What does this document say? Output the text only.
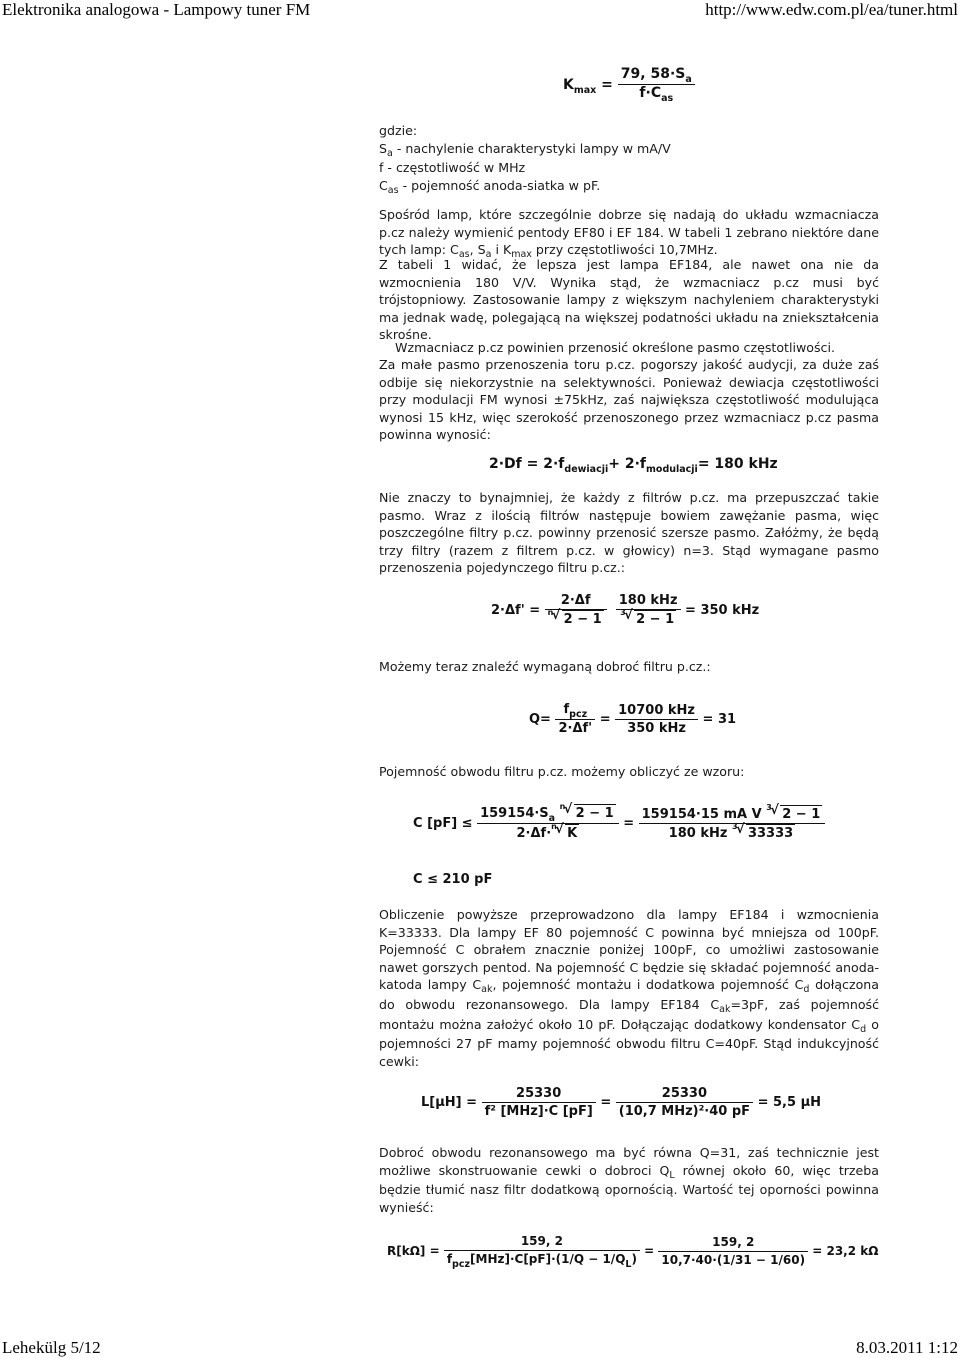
Elektronika analogowa - Lampowy tuner FM	http://www.edw.com.pl/ea/tuner.html
$K_{max} = \frac{79, 58\cdot S_a}{f\cdot C_{as}}$

gdzie:

$S_a$ - nachylenie charakterystyki lampy w mA/V

f - częstotliwość w MHz

$C_{as}$ - pojemność anoda-siatka w pF.

Spośród lamp, które szczególnie dobrze się nadają do układu wzmacniacza p.cz należy wymienić pentody EF80 i EF 184. W tabeli 1 zebrano niektóre dane tych lamp: $C_{as}$, $S_a$ i $K_{max}$ przy częstotliwości 10,7MHz.

Z tabeli 1 widać, że lepsza jest lampa EF184, ale nawet ona nie da wzmocnienia 180 V/V. Wynika stąd, że wzmacniacz p.cz musi być trójstopniowy. Zastosowanie lampy z większym nachyleniem charakterystyki ma jednak wadę, polegającą na większej podatności układu na zniekształcenia skrośne.

Wzmacniacz p.cz powinien przenosić określone pasmo częstotliwości.

Za małe pasmo przenoszenia toru p.cz. pogorszy jakość audycji, za duże zaś odbije się niekorzystnie na selektywności. Ponieważ dewiacja częstotliwości przy modulacji FM wynosi ±75kHz, zaś największa częstotliwość modulująca wynosi 15 kHz, więc szerokość przenoszonego przez wzmacniacz p.cz pasma powinna wynosić:

$2\cdot Df = 2\cdot f_{dewiacji}+ 2\cdot f_{modulacji}= 180$ kHz

Nie znaczy to bynajmniej, że każdy z filtrów p.cz. ma przepuszczać takie pasmo. Wraz z ilością filtrów następuje bowiem zawężanie pasma, więc poszczególne filtry p.cz. powinny przenosić szersze pasmo. Załóżmy, że będą trzy filtry (razem z filtrem p.cz. w głowicy) n=3. Stąd wymagane pasmo przenoszenia pojedynczego filtru p.cz.:

2·Δf' = 2·Δf
√ n 2 − 1
180 kHz
√ 3 2 − 1 = 350 kHz

Możemy teraz znaleźć wymaganą dobroć filtru p.cz.:

$Q= \frac{f_{pcz}}{2\cdot\Delta f'} = \frac{\text{10700 kHz}}{\text{350 kHz}} = 31$

Pojemność obwodu filtru p.cz. możemy obliczyć ze wzoru:

C $[pF] \le 159154\cdot S_a$
√ n 2 − 1
2·Δf·
√ n K = 159154·15 mA V
√ 3 2 − 1
180 kHz
√ 3 33333
C ≤ 210 pF

Obliczenie powyższe przeprowadzono dla lampy EF184 i wzmocnienia K=33333. Dla lampy EF 80 pojemność C powinna być mniejsza od 100pF. Pojemność C obrałem znacznie poniżej 100pF, co umożliwi zastosowanie nawet gorszych pentod. Na pojemność C będzie się składać pojemność anoda-katoda lampy $C_{ak}$, pojemność montażu i dodatkowa pojemność $C_d$ dołączona do obwodu rezonansowego. Dla lampy EF184 $C_{ak}=3pF$, zaś pojemność montażu można założyć około 10 pF. Dołączając dodatkowy kondensator $C_d$ o pojemności 27 pF mamy pojemność obwodu filtru C=40pF. Stąd indukcyjność cewki:

$L[\mu H] = \frac{25330}{\text{f² [MHz]·C [pF]}} = \frac{25330}{\text{(10,7 MHz)²·40 pF}} = 5,5$ µH

Dobroć obwodu rezonansowego ma być równa Q=31, zaś technicznie jest możliwe skonstruowanie cewki o dobroci $Q_L$ równej około 60, więc trzeba będzie tłumić nasz filtr dodatkową opornością. Wartość tej oporności powinna wynieść:

$R[k\Omega] = \frac{159, 2}{f_{pcz}[MHz]\cdot C[pF]\cdot(1/Q - 1/Q_L)} = \frac{159, 2}{10,7\cdot 40\cdot(1/31 - 1/60)} = 23,2$ kΩ
Lehekülg 5/12	8.03.2011 1:12
